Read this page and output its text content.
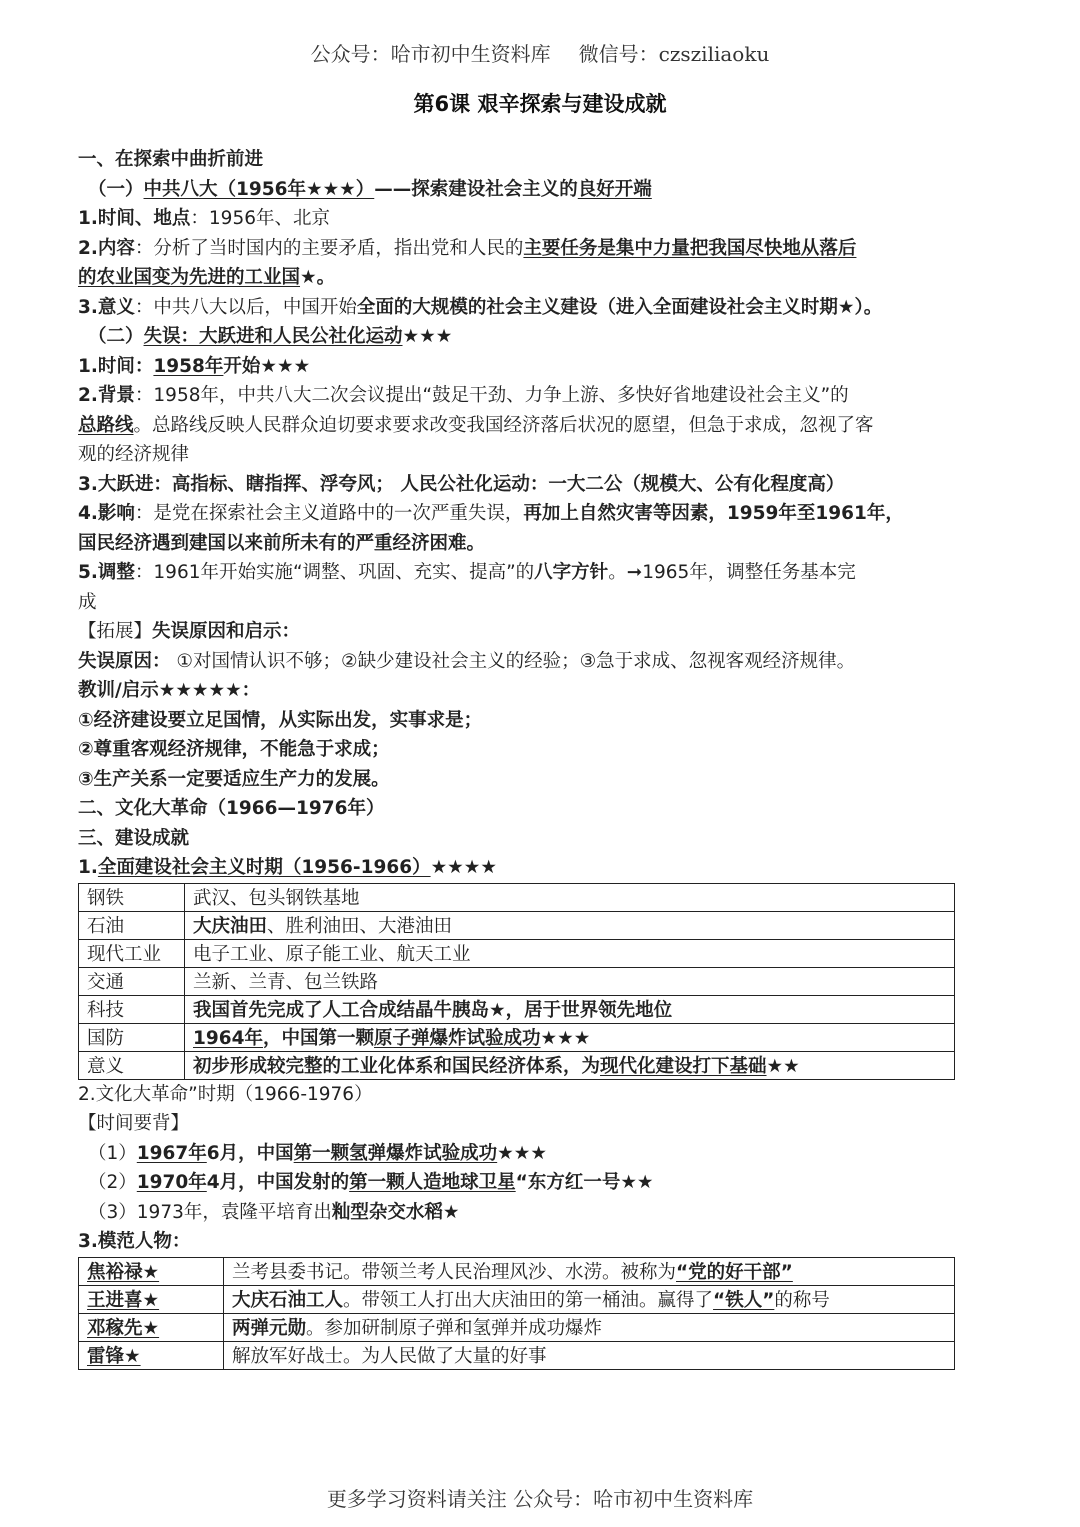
公众号：哈市初中生资料库 微信号：czsziliaoku
第6课 艰辛探索与建设成就
一、在探索中曲折前进
（一）中共八大（1956年★★★）——探索建设社会主义的良好开端
1.时间、地点：1956年、北京
2.内容：分析了当时国内的主要矛盾，指出党和人民的主要任务是集中力量把我国尽快地从落后
的农业国变为先进的工业国★。
3.意义：中共八大以后，中国开始全面的大规模的社会主义建设（进入全面建设社会主义时期★）。
（二）失误：大跃进和人民公社化运动★★★
1.时间：1958年开始★★★
2.背景：1958年，中共八大二次会议提出“鼓足干劲、力争上游、多快好省地建设社会主义”的
总路线。总路线反映人民群众迫切要求要求改变我国经济落后状况的愿望，但急于求成，忽视了客
观的经济规律
3.大跃进：高指标、瞎指挥、浮夸风； 人民公社化运动：一大二公（规模大、公有化程度高）
4.影响：是党在探索社会主义道路中的一次严重失误，再加上自然灾害等因素，1959年至1961年，
国民经济遇到建国以来前所未有的严重经济困难。
5.调整：1961年开始实施“调整、巩固、充实、提高”的八字方针。➞1965年，调整任务基本完
成
【拓展】失误原因和启示：
失误原因： ①对国情认识不够；②缺少建设社会主义的经验；③急于求成、忽视客观经济规律。
教训/启示★★★★★：
①经济建设要立足国情，从实际出发，实事求是；
②尊重客观经济规律，不能急于求成；
③生产关系一定要适应生产力的发展。
二、文化大革命（1966—1976年）
三、建设成就
1.全面建设社会主义时期（1956-1966）★★★★
钢铁	武汉、包头钢铁基地
石油	大庆油田、胜利油田、大港油田
现代工业	电子工业、原子能工业、航天工业
交通	兰新、兰青、包兰铁路
科技	我国首先完成了人工合成结晶牛胰岛★，居于世界领先地位
国防	1964年，中国第一颗原子弹爆炸试验成功★★★
意义	初步形成较完整的工业化体系和国民经济体系，为现代化建设打下基础★★
2.文化大革命”时期（1966-1976）
【时间要背】
（1）1967年6月，中国第一颗氢弹爆炸试验成功★★★
（2）1970年4月，中国发射的第一颗人造地球卫星“东方红一号★★
（3）1973年，袁隆平培育出籼型杂交水稻★
3.模范人物：
焦裕禄★	兰考县委书记。带领兰考人民治理风沙、水涝。被称为“党的好干部”
王进喜★	大庆石油工人。带领工人打出大庆油田的第一桶油。赢得了“铁人”的称号
邓稼先★	两弹元勋。参加研制原子弹和氢弹并成功爆炸
雷锋★	解放军好战士。为人民做了大量的好事
更多学习资料请关注 公众号：哈市初中生资料库
